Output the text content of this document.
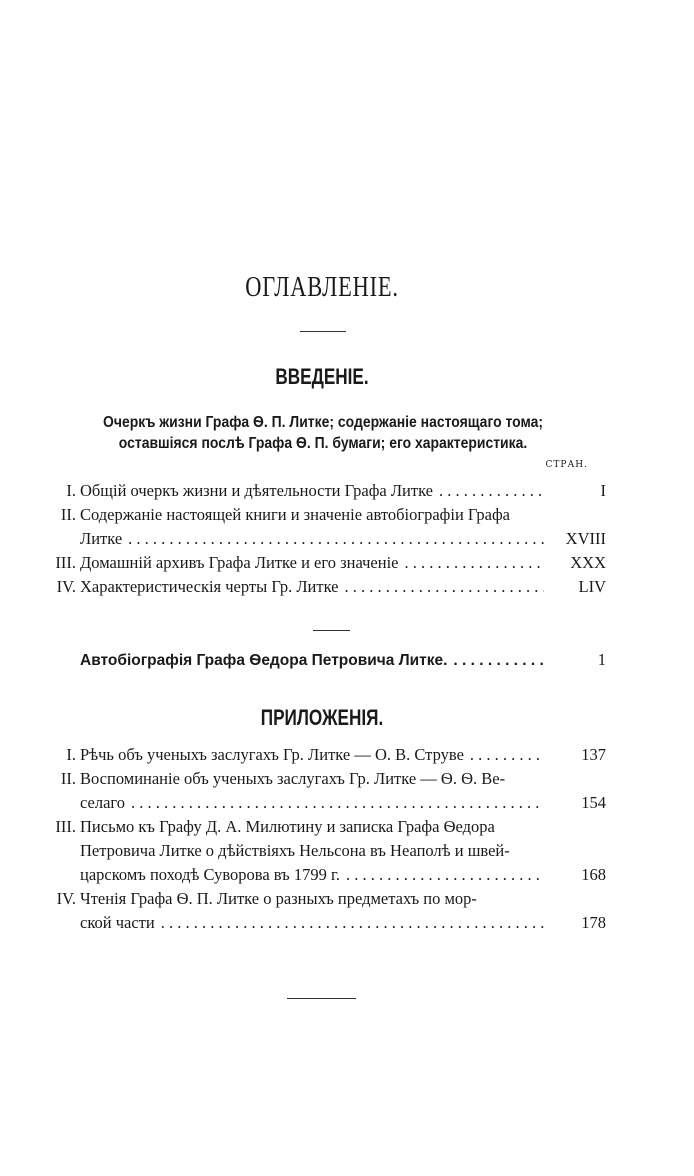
ОГЛАВЛЕНІЕ.
ВВЕДЕНІЕ.
Очеркъ жизни Графа Ѳ. П. Литке; содержаніе настоящаго тома;
оставшіяся послѣ Графа Ѳ. П. бумаги; его характеристика.
СТРАН.
I. Общій очеркъ жизни и дѣятельности Графа Литке . . .	I
II. Содержаніе настоящей книги и значеніе автобіографіи Графа
Литке . . .	XVIII
III. Домашній архивъ Графа Литке и его значеніе . . .	XXX
IV. Характеристическія черты Гр. Литке . . .	LIV
Автобіографія Графа Ѳедора Петровича Литке. . . .	1
ПРИЛОЖЕНІЯ.
I. Рѣчь объ ученыхъ заслугахъ Гр. Литке — О. В. Струве . . .	137
II. Воспоминаніе объ ученыхъ заслугахъ Гр. Литке — Ѳ. Ѳ. Ве-
селаго . . .	154
III. Письмо къ Графу Д. А. Милютину и записка Графа Ѳедора
Петровича Литке о дѣйствіяхъ Нельсона въ Неаполѣ и швей-
царскомъ походѣ Суворова въ 1799 г. . . .	168
IV. Чтенія Графа Ѳ. П. Литке о разныхъ предметахъ по мор-
ской части . . .	178
